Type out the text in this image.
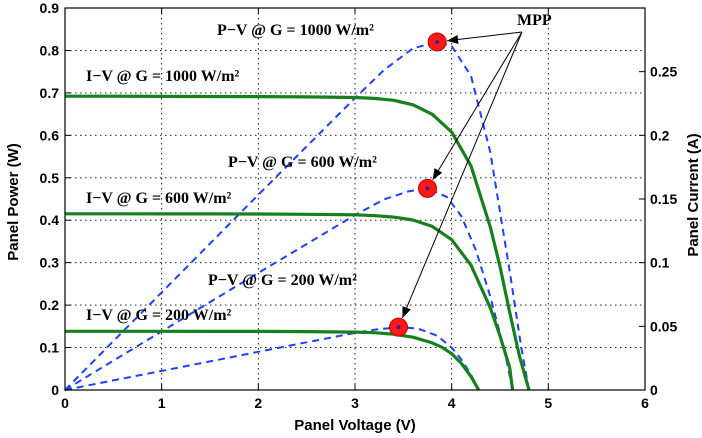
0	1	2	3	4	5	6
0
0.1
0.2
0.3
0.4
0.5
0.6
0.7
0.8
0.9
0
0.05
0.1
0.15
0.2
0.25
Panel Voltage (V)
Panel Power (W)	Panel Current (A)
MPP
P−V @ G = 1000 W/m²
I−V @ G = 1000 W/m²
P−V @ G = 600 W/m²
I−V @ G = 600 W/m²
P−V @ G = 200 W/m²
I−V @ G = 200 W/m²
